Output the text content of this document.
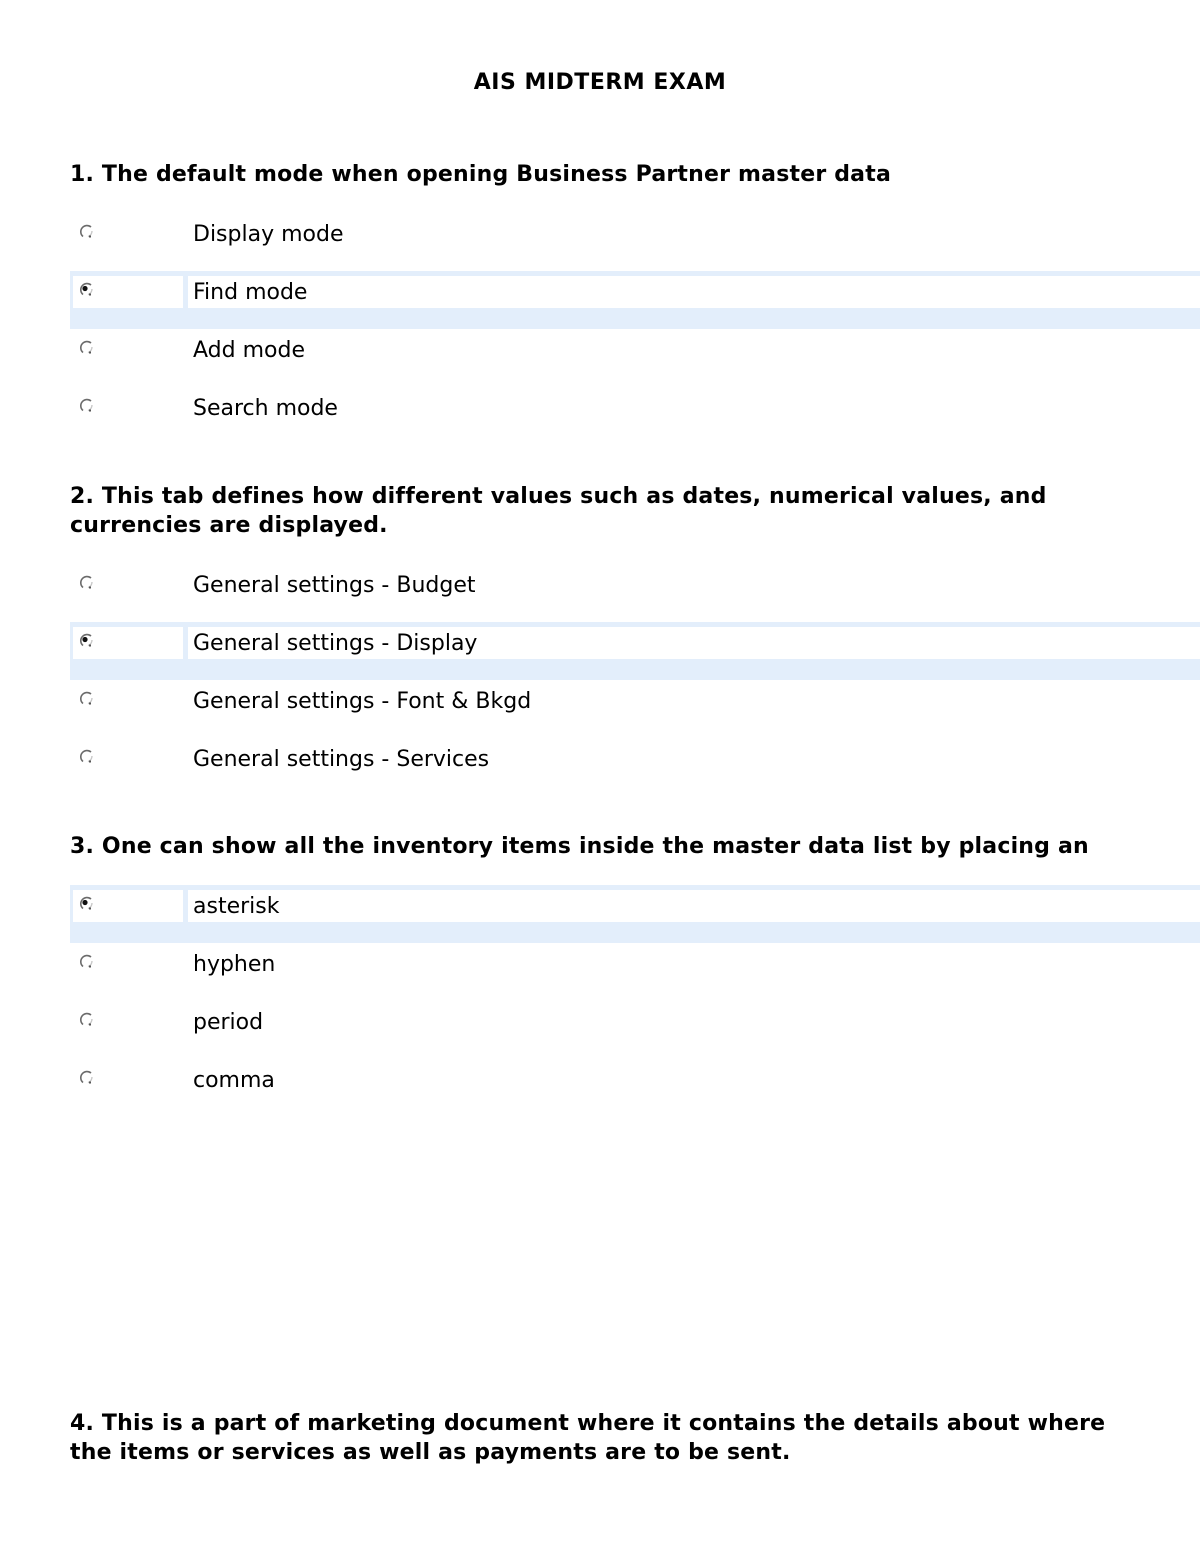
AIS MIDTERM EXAM

1. The default mode when opening Business Partner master data

Display mode
Find mode
Add mode
Search mode

2. This tab defines how different values such as dates, numerical values, and currencies are displayed.

General settings - Budget
General settings - Display
General settings - Font & Bkgd
General settings - Services

3. One can show all the inventory items inside the master data list by placing an

asterisk
hyphen
period
comma

4. This is a part of marketing document where it contains the details about where the items or services as well as payments are to be sent.
